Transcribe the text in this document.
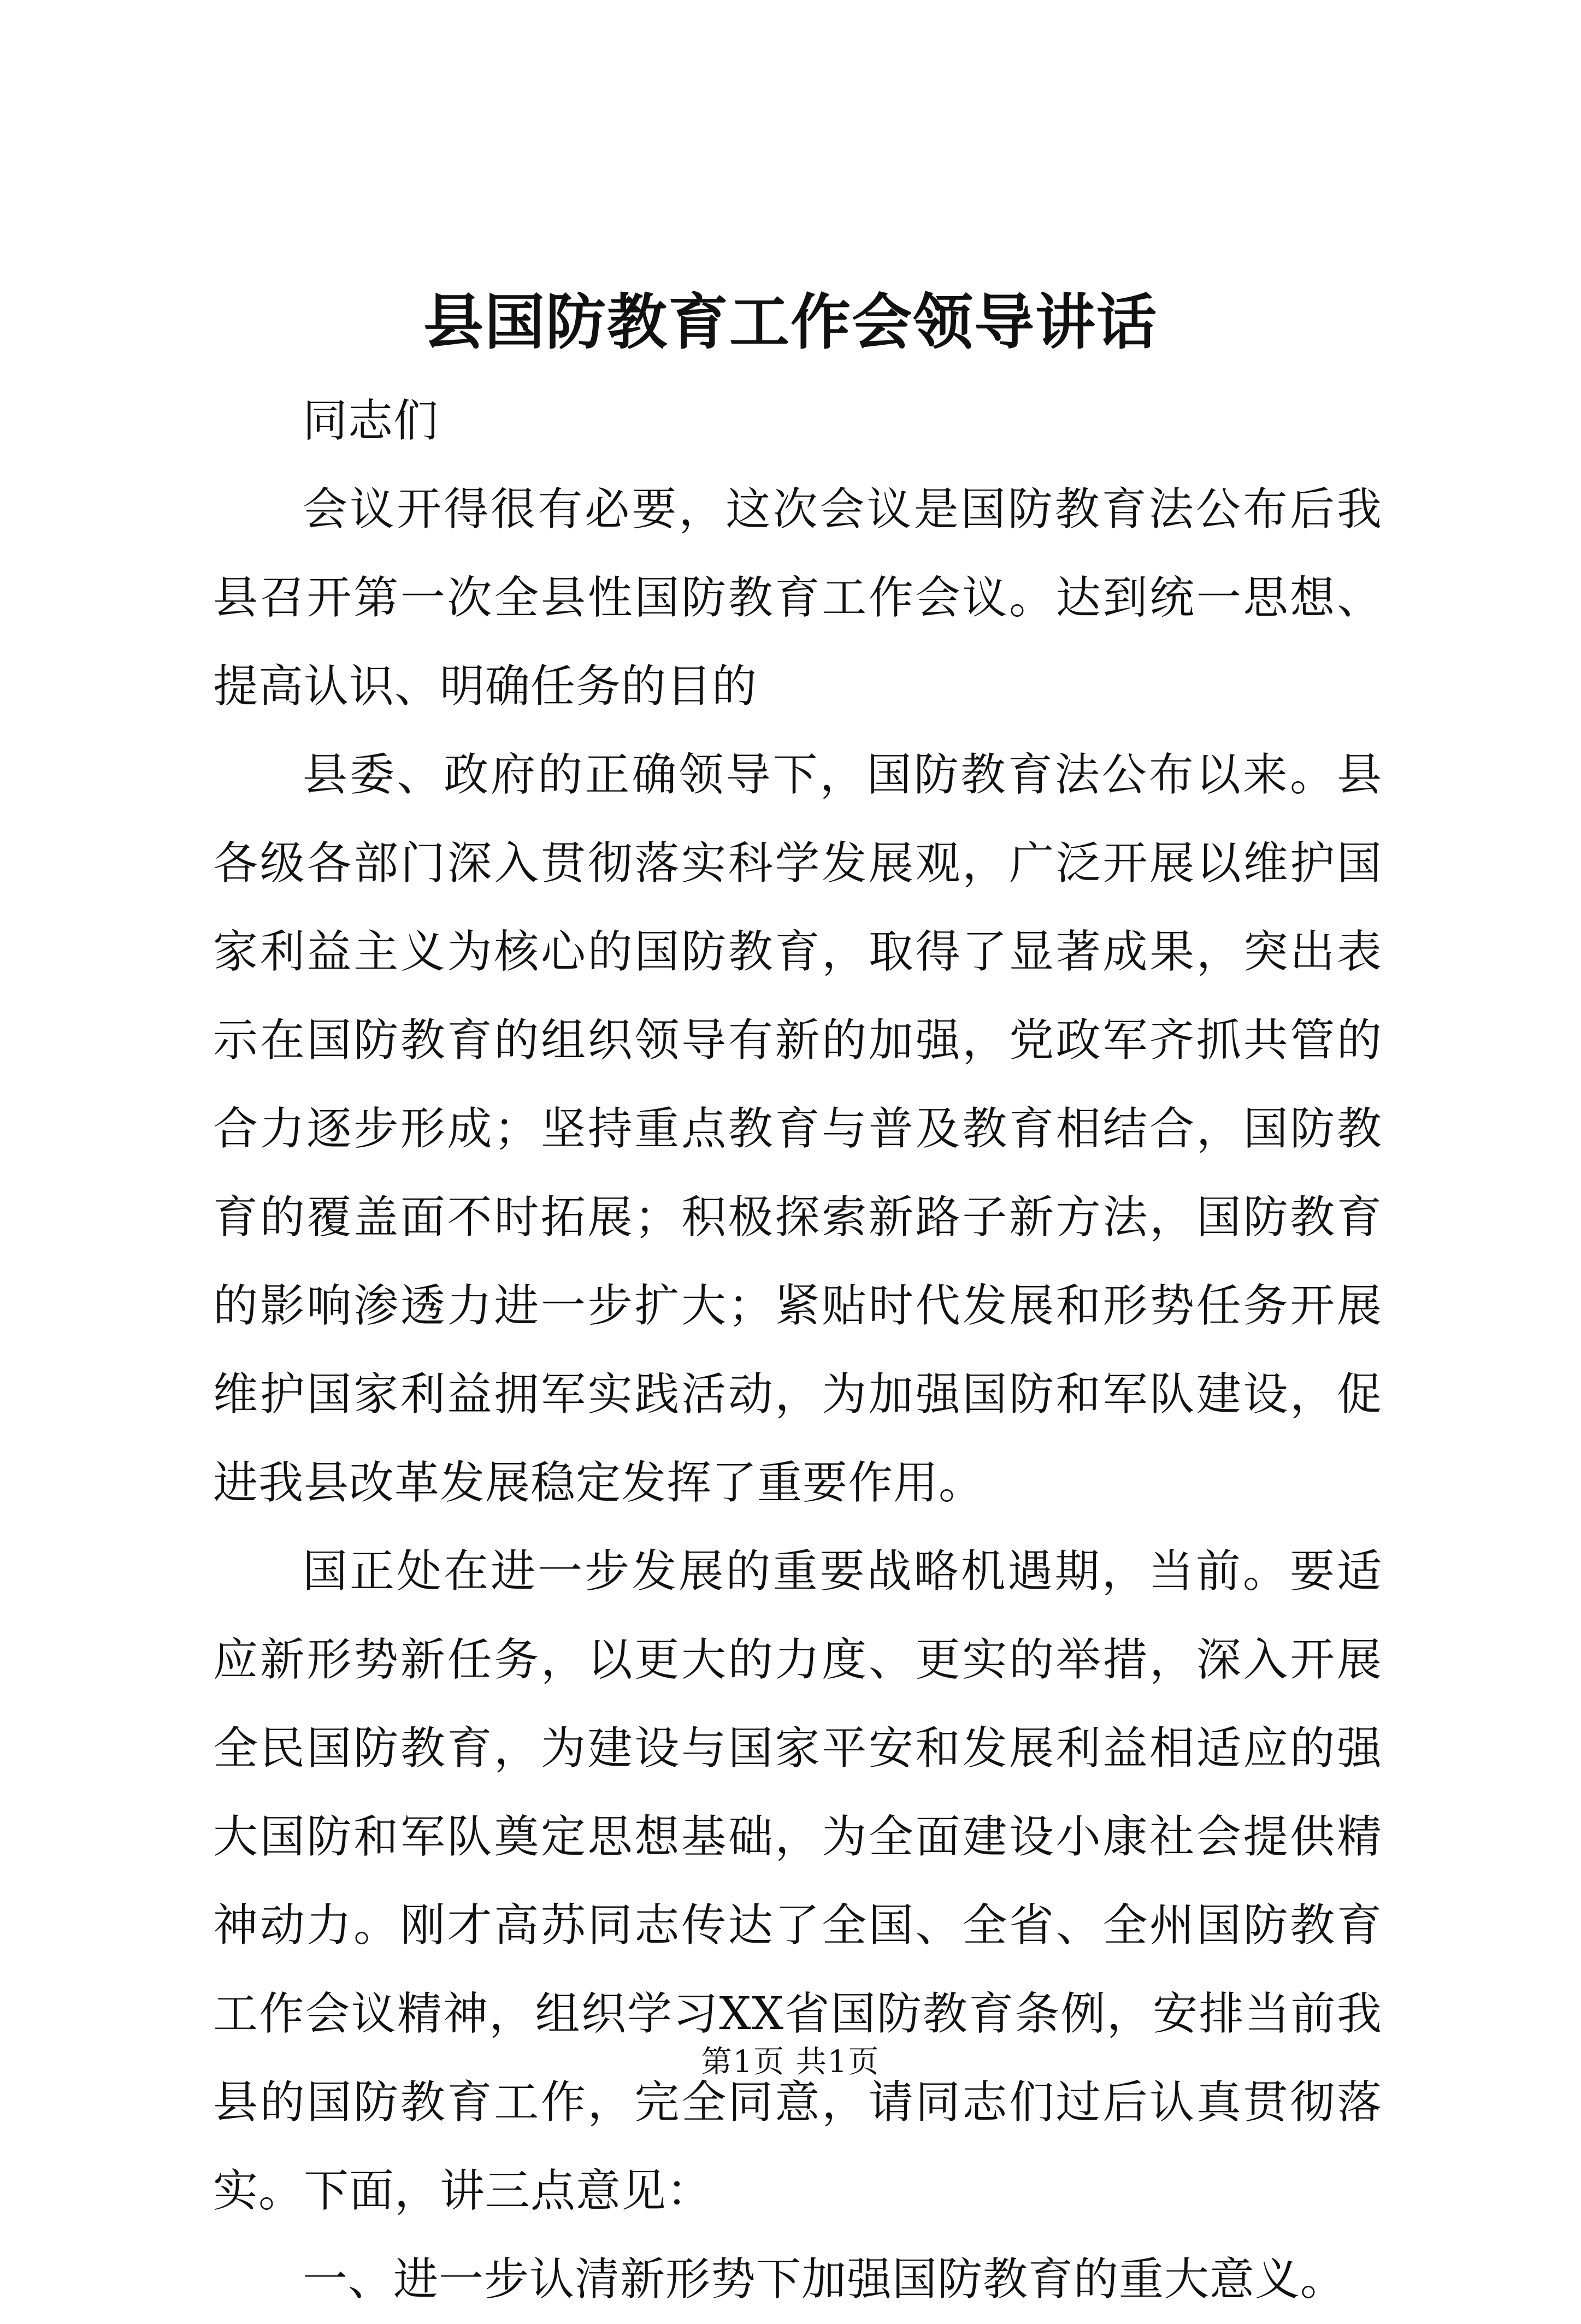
县国防教育工作会领导讲话

同志们

会议开得很有必要，这次会议是国防教育法公布后我县召开第一次全县性国防教育工作会议。达到统一思想、提高认识、明确任务的目的

县委、政府的正确领导下，国防教育法公布以来。县各级各部门深入贯彻落实科学发展观，广泛开展以维护国家利益主义为核心的国防教育，取得了显著成果，突出表示在国防教育的组织领导有新的加强，党政军齐抓共管的合力逐步形成；坚持重点教育与普及教育相结合，国防教育的覆盖面不时拓展；积极探索新路子新方法，国防教育的影响渗透力进一步扩大；紧贴时代发展和形势任务开展维护国家利益拥军实践活动，为加强国防和军队建设，促进我县改革发展稳定发挥了重要作用。

国正处在进一步发展的重要战略机遇期，当前。要适应新形势新任务，以更大的力度、更实的举措，深入开展全民国防教育，为建设与国家平安和发展利益相适应的强大国防和军队奠定思想基础，为全面建设小康社会提供精神动力。刚才高苏同志传达了全国、全省、全州国防教育工作会议精神，组织学习XX省国防教育条例，安排当前我县的国防教育工作，完全同意，请同志们过后认真贯彻落实。下面，讲三点意见：

一、进一步认清新形势下加强国防教育的重大意义。

第1页 共1页
